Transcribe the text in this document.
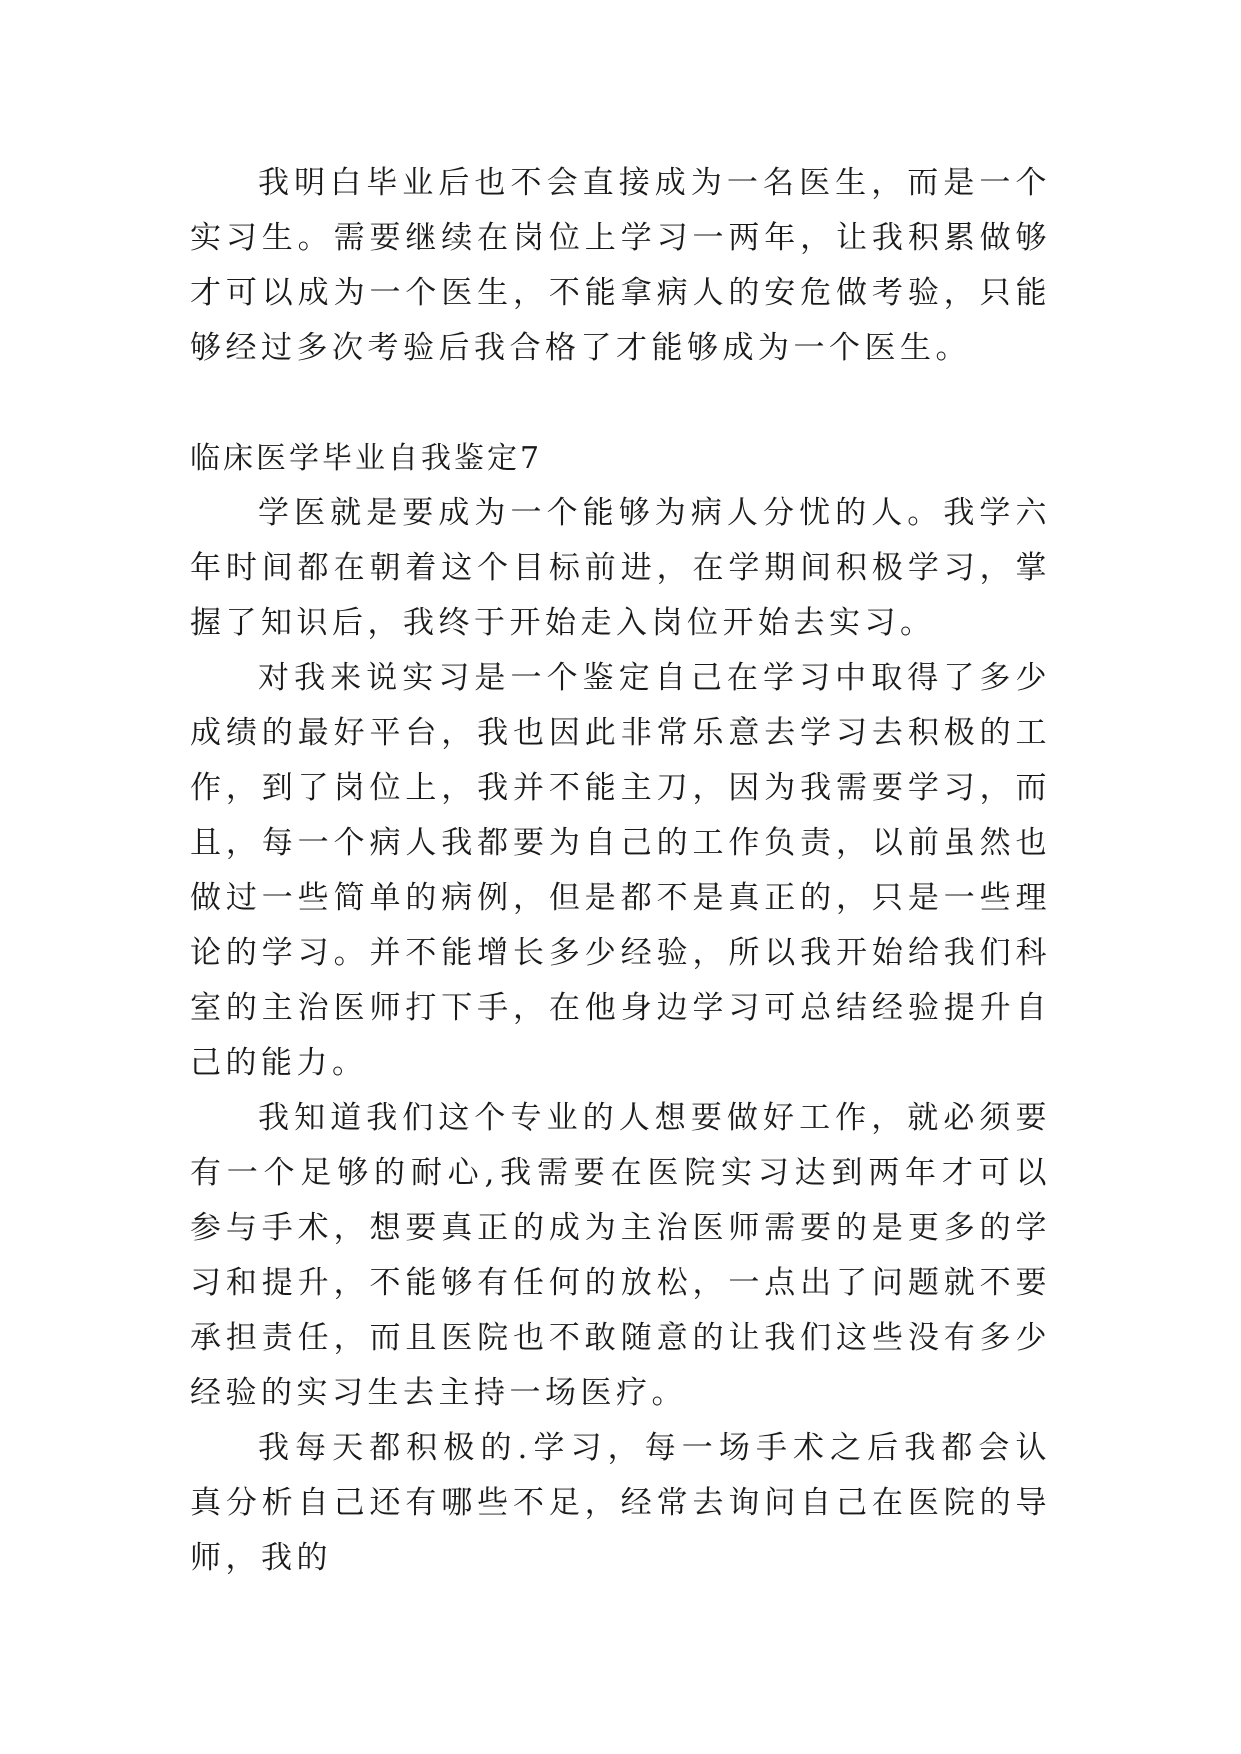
我明白毕业后也不会直接成为一名医生，而是一个实习生。需要继续在岗位上学习一两年，让我积累做够才可以成为一个医生，不能拿病人的安危做考验，只能够经过多次考验后我合格了才能够成为一个医生。

临床医学毕业自我鉴定7

学医就是要成为一个能够为病人分忧的人。我学六年时间都在朝着这个目标前进，在学期间积极学习，掌握了知识后，我终于开始走入岗位开始去实习。

对我来说实习是一个鉴定自己在学习中取得了多少成绩的最好平台，我也因此非常乐意去学习去积极的工作，到了岗位上，我并不能主刀，因为我需要学习，而且，每一个病人我都要为自己的工作负责，以前虽然也做过一些简单的病例，但是都不是真正的，只是一些理论的学习。并不能增长多少经验，所以我开始给我们科室的主治医师打下手，在他身边学习可总结经验提升自己的能力。

我知道我们这个专业的人想要做好工作，就必须要有一个足够的耐心,我需要在医院实习达到两年才可以参与手术，想要真正的成为主治医师需要的是更多的学习和提升，不能够有任何的放松，一点出了问题就不要承担责任，而且医院也不敢随意的让我们这些没有多少经验的实习生去主持一场医疗。

我每天都积极的.学习，每一场手术之后我都会认真分析自己还有哪些不足，经常去询问自己在医院的导师，我的
